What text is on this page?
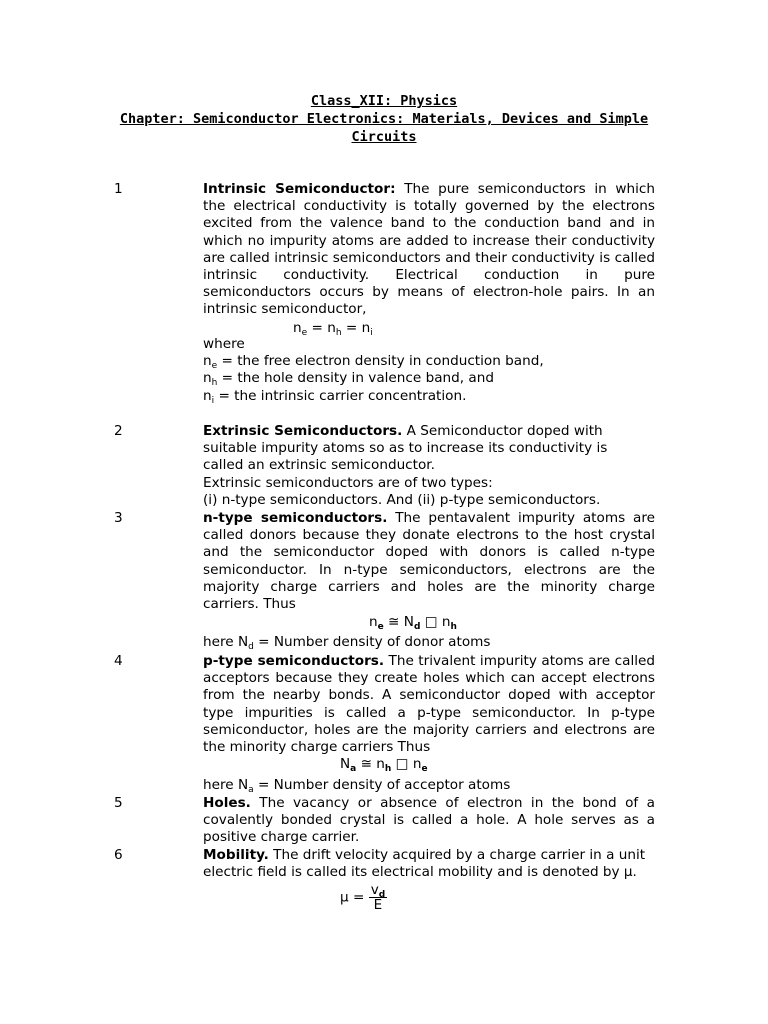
Class_XII: Physics
Chapter: Semiconductor Electronics: Materials, Devices and Simple
Circuits
1	Intrinsic Semiconductor: The pure semiconductors in which the electrical conductivity is totally governed by the electrons excited from the valence band to the conduction band and in which no impurity atoms are added to increase their conductivity are called intrinsic semiconductors and their conductivity is called intrinsic conductivity. Electrical conduction in pure semiconductors occurs by means of electron-hole pairs. In an intrinsic semiconductor,
$n_e = n_h = n_i$
where
$n_e$ = the free electron density in conduction band,
$n_h$ = the hole density in valence band, and
$n_i$ = the intrinsic carrier concentration.
2	Extrinsic Semiconductors. A Semiconductor doped with suitable impurity atoms so as to increase its conductivity is called an extrinsic semiconductor.
Extrinsic semiconductors are of two types:
(i) n-type semiconductors. And (ii) p-type semiconductors.
3	n-type semiconductors. The pentavalent impurity atoms are called donors because they donate electrons to the host crystal and the semiconductor doped with donors is called n-type semiconductor. In n-type semiconductors, electrons are the majority charge carriers and holes are the minority charge carriers. Thus
$n_e$ ≅ $N_d$ □ $n_h$
here $N_d$ = Number density of donor atoms
4	p-type semiconductors. The trivalent impurity atoms are called acceptors because they create holes which can accept electrons from the nearby bonds. A semiconductor doped with acceptor type impurities is called a p-type semiconductor. In p-type semiconductor, holes are the majority carriers and electrons are the minority charge carriers Thus
$N_a$ ≅ $n_h$ □ $n_e$
here $N_a$ = Number density of acceptor atoms
5	Holes. The vacancy or absence of electron in the bond of a covalently bonded crystal is called a hole. A hole serves as a positive charge carrier.
6	Mobility. The drift velocity acquired by a charge carrier in a unit electric field is called its electrical mobility and is denoted by μ.
$\mu = \frac{v_d}{E}$
